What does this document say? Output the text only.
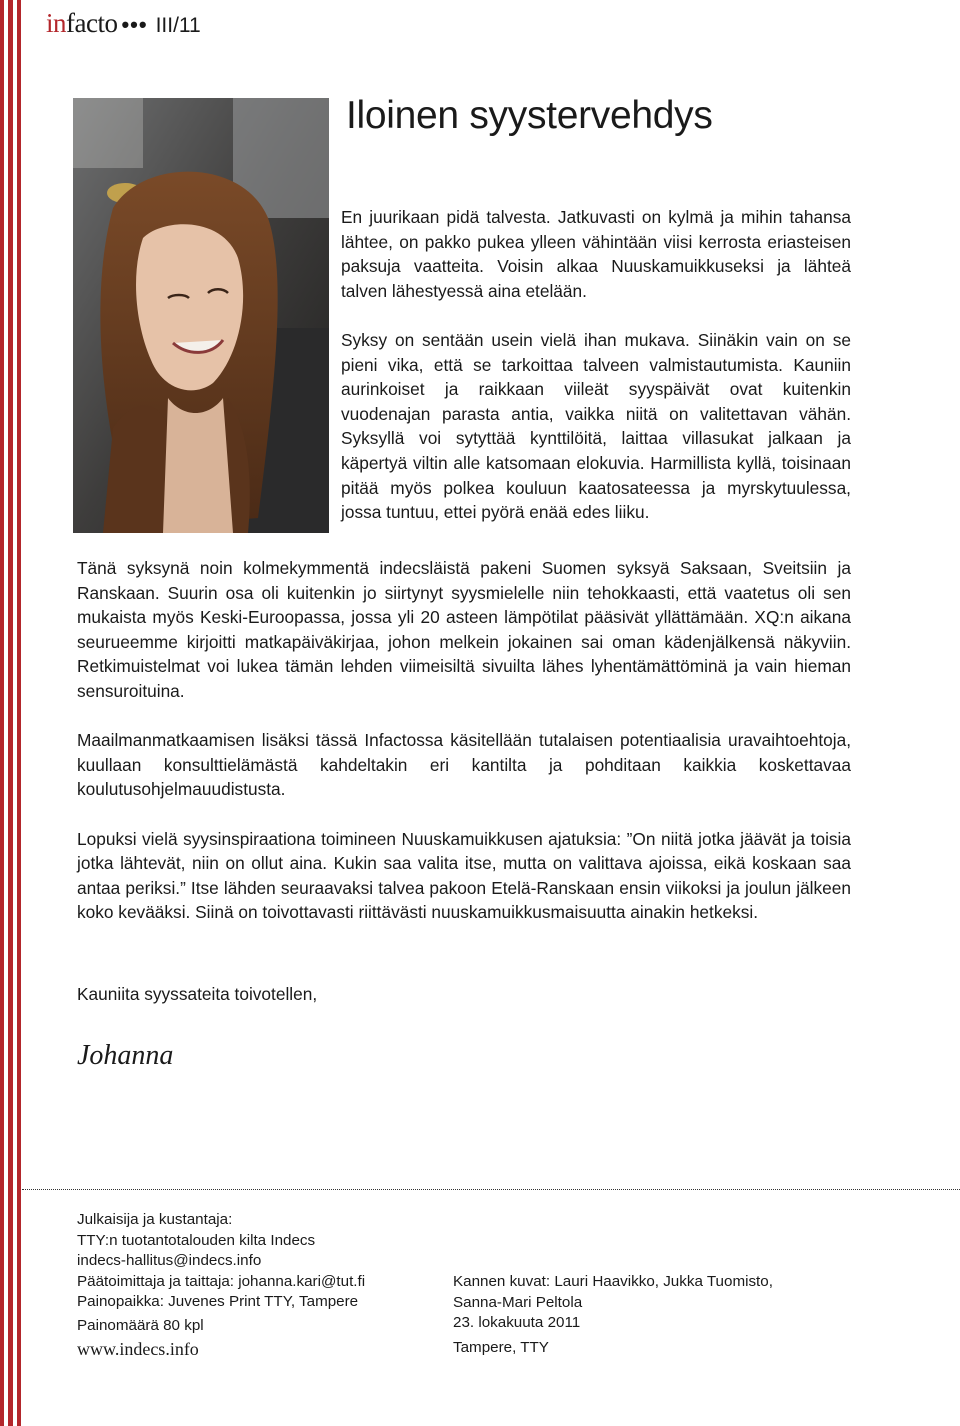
infacto ••• III/11
Iloinen syystervehdys

En juurikaan pidä talvesta. Jatkuvasti on kylmä ja mihin tahansa lähtee, on pakko pukea ylleen vähintään viisi kerrosta eriasteisen paksuja vaatteita. Voisin alkaa Nuuskamuikkuseksi ja lähteä talven lähestyessä aina etelään.

Syksy on sentään usein vielä ihan mukava. Siinäkin vain on se pieni vika, että se tarkoittaa talveen valmistautumista. Kauniin aurinkoiset ja raikkaan viileät syyspäivät ovat kuitenkin vuodenajan parasta antia, vaikka niitä on valitettavan vähän. Syksyllä voi sytyttää kynttilöitä, laittaa villasukat jalkaan ja käpertyä viltin alle katsomaan elokuvia. Harmillista kyllä, toisinaan pitää myös polkea kouluun kaatosateessa ja myrskytuulessa, jossa tuntuu, ettei pyörä enää edes liiku.

Tänä syksynä noin kolmekymmentä indecsläistä pakeni Suomen syksyä Saksaan, Sveitsiin ja Ranskaan. Suurin osa oli kuitenkin jo siirtynyt syysmielelle niin tehokkaasti, että vaatetus oli sen mukaista myös Keski-Euroopassa, jossa yli 20 asteen lämpötilat pääsivät yllättämään. XQ:n aikana seurueemme kirjoitti matkapäiväkirjaa, johon melkein jokainen sai oman kädenjälkensä näkyviin. Retkimuistelmat voi lukea tämän lehden viimeisiltä sivuilta lähes lyhentämättöminä ja vain hieman sensuroituina.

Maailmanmatkaamisen lisäksi tässä Infactossa käsitellään tutalaisen potentiaalisia uravaihtoehtoja, kuullaan konsulttielämästä kahdeltakin eri kantilta ja pohditaan kaikkia koskettavaa koulutusohjelmauudistusta.

Lopuksi vielä syysinspiraationa toimineen Nuuskamuikkusen ajatuksia: ”On niitä jotka jäävät ja toisia jotka lähtevät, niin on ollut aina. Kukin saa valita itse, mutta on valittava ajoissa, eikä koskaan saa antaa periksi.” Itse lähden seuraavaksi talvea pakoon Etelä-Ranskaan ensin viikoksi ja joulun jälkeen koko kevääksi. Siinä on toivottavasti riittävästi nuuskamuikkusmaisuutta ainakin hetkeksi.

Kauniita syyssateita toivotellen,
Johanna
Julkaisija ja kustantaja:
TTY:n tuotantotalouden kilta Indecs
indecs-hallitus@indecs.info
Päätoimittaja ja taittaja: johanna.kari@tut.fi
Painopaikka: Juvenes Print TTY, Tampere
Painomäärä 80 kpl
www.indecs.info
Kannen kuvat: Lauri Haavikko, Jukka Tuomisto,
Sanna-Mari Peltola
23. lokakuuta 2011
Tampere, TTY
